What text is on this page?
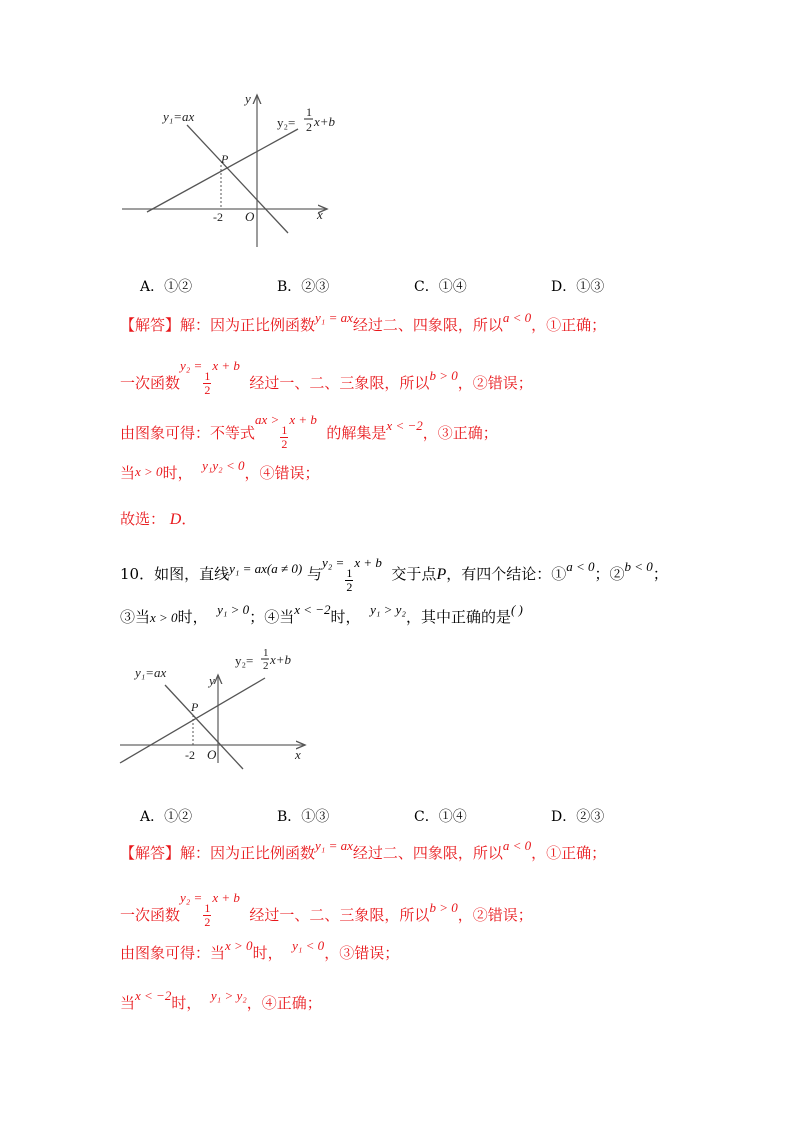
y₁=ax	y₂=
1
2 x+b
y
x
O
P
-2
A．①②	B．②③	C．①④	D．①③
【解答】解：因为正比例函数y₁ = ax经过二、四象限，所以a < 0，①正确；
一次函数y₂ =
$\frac{1}{2}$
x + b  经过一、二、三象限，所以b > 0，②错误；
由图象可得：不等式ax >
$\frac{1}{2}$
x + b  的解集是x < −2，③正确；
当x > 0时， y₁y₂ < 0，④错误；
故选： D．
10．如图，直线y₁ = ax(a ≠ 0) 与y₂ =
$\frac{1}{2}$
x + b  交于点P，有四个结论：①a < 0；②b < 0；
③当x > 0时， y₁ > 0；④当x < −2时， y₁ > y₂，其中正确的是( )
y₁=ax
y₂= 1
2 x+b
y
x
O
P
-2
A．①②	B．①③	C．①④	D．②③
【解答】解：因为正比例函数y₁ = ax经过二、四象限，所以a < 0，①正确；
一次函数y₂ =
$\frac{1}{2}$
x + b  经过一、二、三象限，所以b > 0，②错误；
由图象可得：当x > 0时， y₁ < 0，③错误；
当x < −2时， y₁ > y₂，④正确；
